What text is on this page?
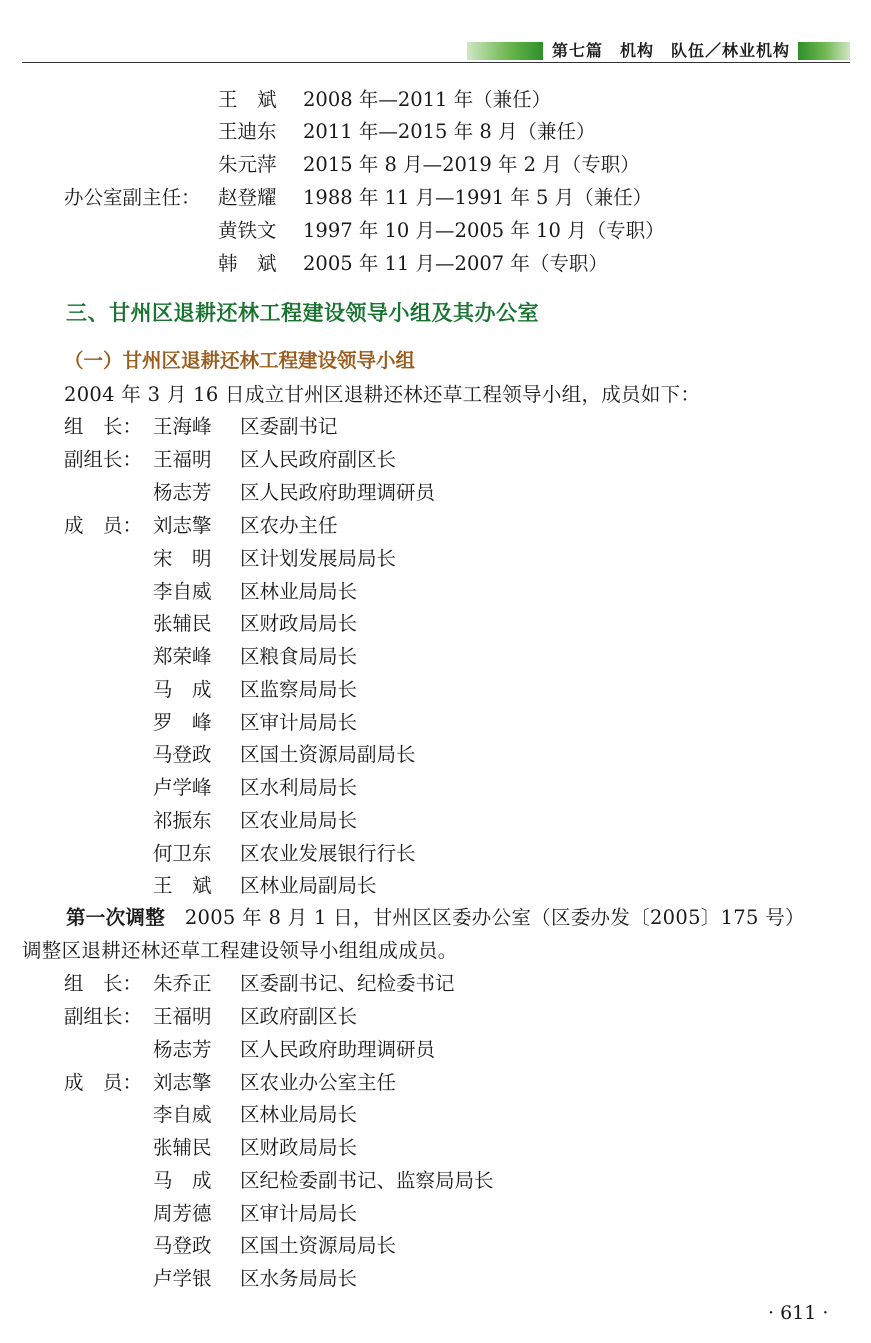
第七篇　机构　队伍／林业机构
王　斌 2008 年—2011 年（兼任）
王迪东 2011 年—2015 年 8 月（兼任）
朱元萍 2015 年 8 月—2019 年 2 月（专职）
办公室副主任： 赵登耀 1988 年 11 月—1991 年 5 月（兼任）
黄铁文 1997 年 10 月—2005 年 10 月（专职）
韩　斌 2005 年 11 月—2007 年（专职）
三、甘州区退耕还林工程建设领导小组及其办公室
（一）甘州区退耕还林工程建设领导小组
2004 年 3 月 16 日成立甘州区退耕还林还草工程领导小组，成员如下：
组　长： 王海峰 区委副书记
副组长： 王福明 区人民政府副区长
杨志芳 区人民政府助理调研员
成　员： 刘志擎 区农办主任
宋　明 区计划发展局局长
李自威 区林业局局长
张辅民 区财政局局长
郑荣峰 区粮食局局长
马　成 区监察局局长
罗　峰 区审计局局长
马登政 区国土资源局副局长
卢学峰 区水利局局长
祁振东 区农业局局长
何卫东 区农业发展银行行长
王　斌 区林业局副局长
第一次调整　2005 年 8 月 1 日，甘州区区委办公室（区委办发〔2005〕175 号）
调整区退耕还林还草工程建设领导小组组成成员。
组　长： 朱乔正 区委副书记、纪检委书记
副组长： 王福明 区政府副区长
杨志芳 区人民政府助理调研员
成　员： 刘志擎 区农业办公室主任
李自威 区林业局局长
张辅民 区财政局局长
马　成 区纪检委副书记、监察局局长
周芳德 区审计局局长
马登政 区国土资源局局长
卢学银 区水务局局长
· 611 ·
